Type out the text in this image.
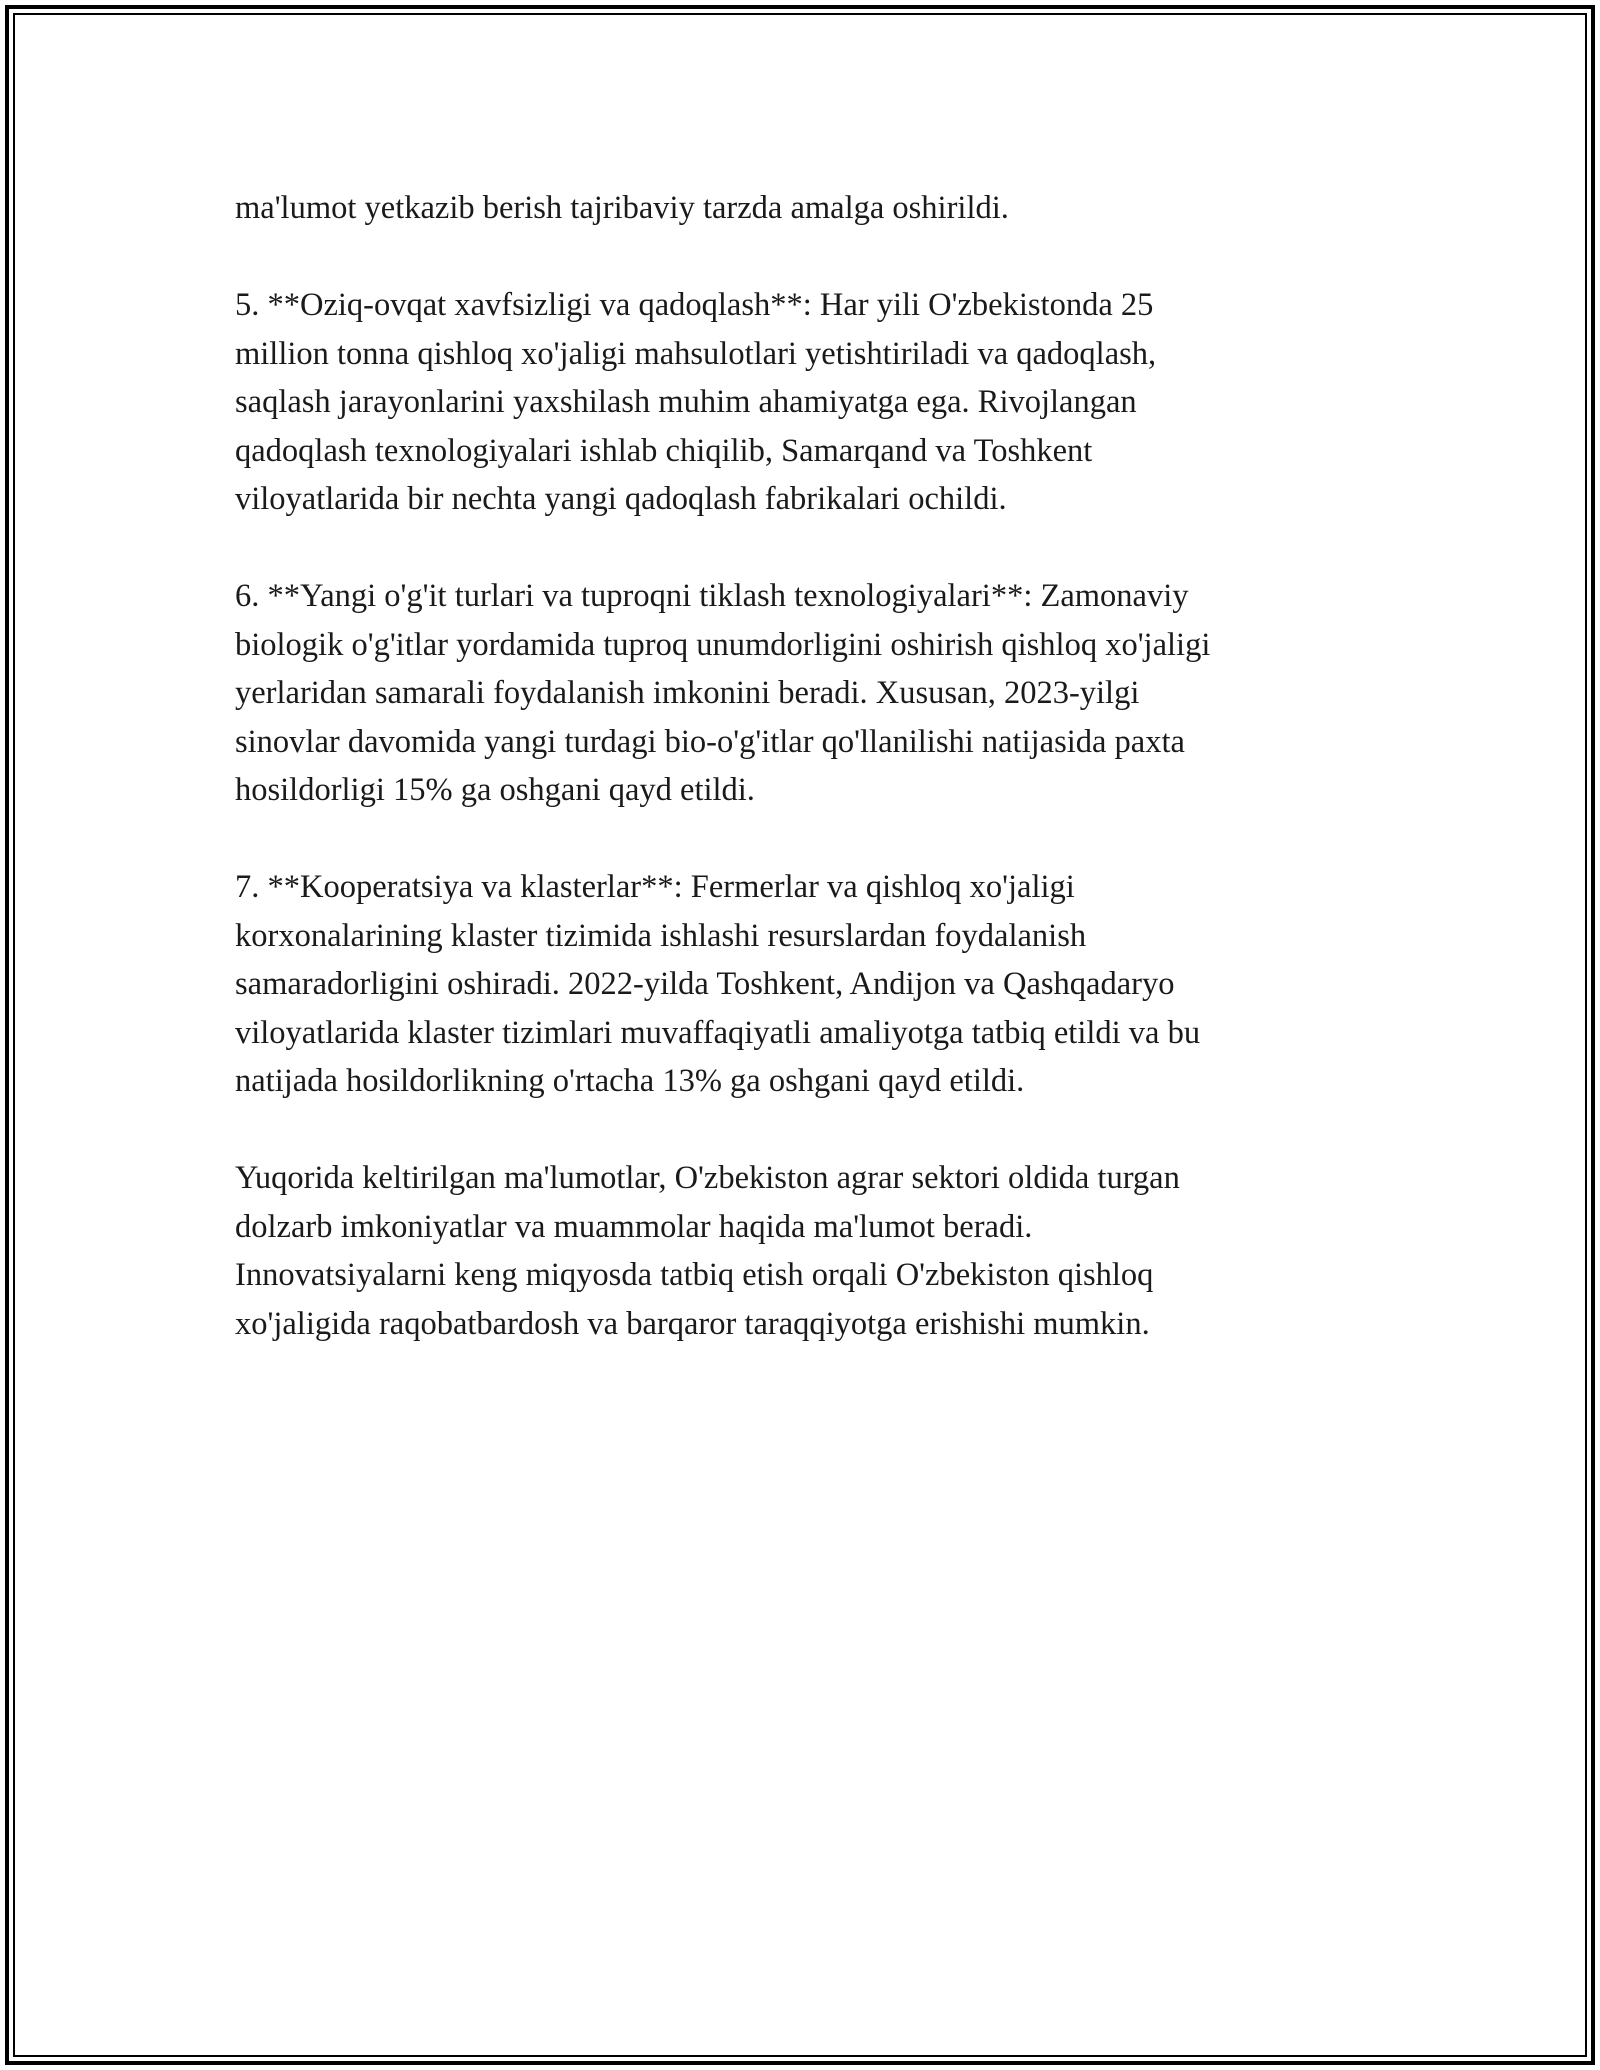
ma'lumot yetkazib berish tajribaviy tarzda amalga oshirildi.

5. **Oziq-ovqat xavfsizligi va qadoqlash**: Har yili O'zbekistonda 25
million tonna qishloq xo'jaligi mahsulotlari yetishtiriladi va qadoqlash,
saqlash jarayonlarini yaxshilash muhim ahamiyatga ega. Rivojlangan
qadoqlash texnologiyalari ishlab chiqilib, Samarqand va Toshkent
viloyatlarida bir nechta yangi qadoqlash fabrikalari ochildi.

6. **Yangi o'g'it turlari va tuproqni tiklash texnologiyalari**: Zamonaviy
biologik o'g'itlar yordamida tuproq unumdorligini oshirish qishloq xo'jaligi
yerlaridan samarali foydalanish imkonini beradi. Xususan, 2023-yilgi
sinovlar davomida yangi turdagi bio-o'g'itlar qo'llanilishi natijasida paxta
hosildorligi 15% ga oshgani qayd etildi.

7. **Kooperatsiya va klasterlar**: Fermerlar va qishloq xo'jaligi
korxonalarining klaster tizimida ishlashi resurslardan foydalanish
samaradorligini oshiradi. 2022-yilda Toshkent, Andijon va Qashqadaryo
viloyatlarida klaster tizimlari muvaffaqiyatli amaliyotga tatbiq etildi va bu
natijada hosildorlikning o'rtacha 13% ga oshgani qayd etildi.

Yuqorida keltirilgan ma'lumotlar, O'zbekiston agrar sektori oldida turgan
dolzarb imkoniyatlar va muammolar haqida ma'lumot beradi.
Innovatsiyalarni keng miqyosda tatbiq etish orqali O'zbekiston qishloq
xo'jaligida raqobatbardosh va barqaror taraqqiyotga erishishi mumkin.
